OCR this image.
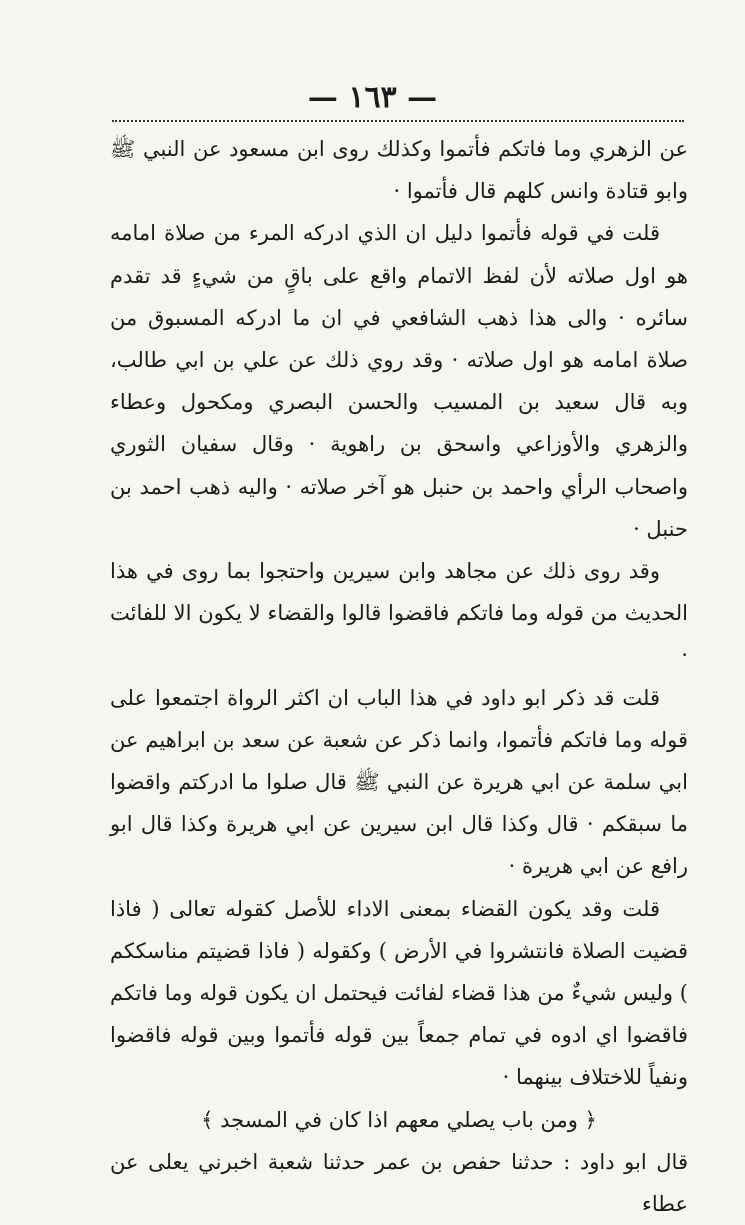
— ١٦٣ —

عن الزهري وما فاتكم فأتموا وكذلك روى ابن مسعود عن النبي ﷺ وابو قتادة وانس كلهم قال فأتموا ·

قلت في قوله فأتموا دليل ان الذي ادركه المرء من صلاة امامه هو اول صلاته لأن لفظ الاتمام واقع على باقٍ من شيءٍ قد تقدم سائره · والى هذا ذهب الشافعي في ان ما ادركه المسبوق من صلاة امامه هو اول صلاته · وقد روي ذلك عن علي بن ابي طالب، وبه قال سعيد بن المسيب والحسن البصري ومكحول وعطاء والزهري والأوزاعي واسحق بن راهوية · وقال سفيان الثوري واصحاب الرأي واحمد بن حنبل هو آخر صلاته · واليه ذهب احمد بن حنبل ·

وقد روى ذلك عن مجاهد وابن سيرين واحتجوا بما روى في هذا الحديث من قوله وما فاتكم فاقضوا قالوا والقضاء لا يكون الا للفائت ·

قلت قد ذكر ابو داود في هذا الباب ان اكثر الرواة اجتمعوا على قوله وما فاتكم فأتموا، وانما ذكر عن شعبة عن سعد بن ابراهيم عن ابي سلمة عن ابي هريرة عن النبي ﷺ قال صلوا ما ادركتم واقضوا ما سبقكم · قال وكذا قال ابن سيرين عن ابي هريرة وكذا قال ابو رافع عن ابي هريرة ·

قلت وقد يكون القضاء بمعنى الاداء للأصل كقوله تعالى ( فاذا قضيت الصلاة فانتشروا في الأرض ) وكقوله ( فاذا قضيتم مناسككم ) وليس شيءٌ من هذا قضاء لفائت فيحتمل ان يكون قوله وما فاتكم فاقضوا اي ادوه في تمام جمعاً بين قوله فأتموا وبين قوله فاقضوا ونفياً للاختلاف بينهما ·

﴿ ومن باب يصلي معهم اذا كان في المسجد ﴾

قال ابو داود : حدثنا حفص بن عمر حدثنا شعبة اخبرني يعلى عن عطاء
